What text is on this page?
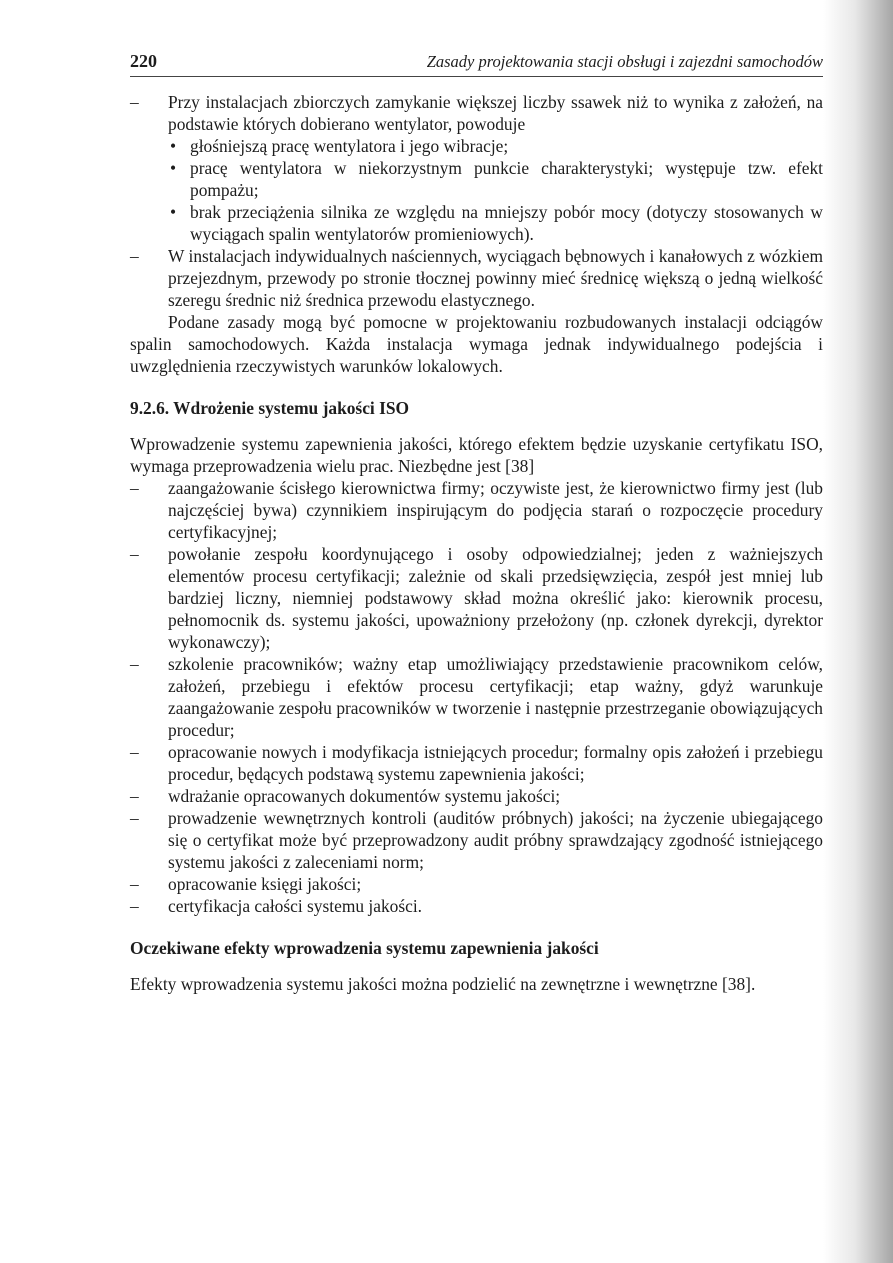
220	Zasady projektowania stacji obsługi i zajezdni samochodów
– Przy instalacjach zbiorczych zamykanie większej liczby ssawek niż to wynika z założeń, na podstawie których dobierano wentylator, powoduje
• głośniejszą pracę wentylatora i jego wibracje;
• pracę wentylatora w niekorzystnym punkcie charakterystyki; występuje tzw. efekt pompażu;
• brak przeciążenia silnika ze względu na mniejszy pobór mocy (dotyczy stosowanych w wyciągach spalin wentylatorów promieniowych).
– W instalacjach indywidualnych naściennych, wyciągach bębnowych i kanałowych z wózkiem przejezdnym, przewody po stronie tłocznej powinny mieć średnicę większą o jedną wielkość szeregu średnic niż średnica przewodu elastycznego.

Podane zasady mogą być pomocne w projektowaniu rozbudowanych instalacji odciągów spalin samochodowych. Każda instalacja wymaga jednak indywidualnego podejścia i uwzględnienia rzeczywistych warunków lokalowych.

9.2.6. Wdrożenie systemu jakości ISO

Wprowadzenie systemu zapewnienia jakości, którego efektem będzie uzyskanie certyfikatu ISO, wymaga przeprowadzenia wielu prac. Niezbędne jest [38]

– zaangażowanie ścisłego kierownictwa firmy; oczywiste jest, że kierownictwo firmy jest (lub najczęściej bywa) czynnikiem inspirującym do podjęcia starań o rozpoczęcie procedury certyfikacyjnej;
– powołanie zespołu koordynującego i osoby odpowiedzialnej; jeden z ważniejszych elementów procesu certyfikacji; zależnie od skali przedsięwzięcia, zespół jest mniej lub bardziej liczny, niemniej podstawowy skład można określić jako: kierownik procesu, pełnomocnik ds. systemu jakości, upoważniony przełożony (np. członek dyrekcji, dyrektor wykonawczy);
– szkolenie pracowników; ważny etap umożliwiający przedstawienie pracownikom celów, założeń, przebiegu i efektów procesu certyfikacji; etap ważny, gdyż warunkuje zaangażowanie zespołu pracowników w tworzenie i następnie przestrzeganie obowiązujących procedur;
– opracowanie nowych i modyfikacja istniejących procedur; formalny opis założeń i przebiegu procedur, będących podstawą systemu zapewnienia jakości;
– wdrażanie opracowanych dokumentów systemu jakości;
– prowadzenie wewnętrznych kontroli (auditów próbnych) jakości; na życzenie ubiegającego się o certyfikat może być przeprowadzony audit próbny sprawdzający zgodność istniejącego systemu jakości z zaleceniami norm;
– opracowanie księgi jakości;
– certyfikacja całości systemu jakości.
Oczekiwane efekty wprowadzenia systemu zapewnienia jakości

Efekty wprowadzenia systemu jakości można podzielić na zewnętrzne i wewnętrzne [38].
